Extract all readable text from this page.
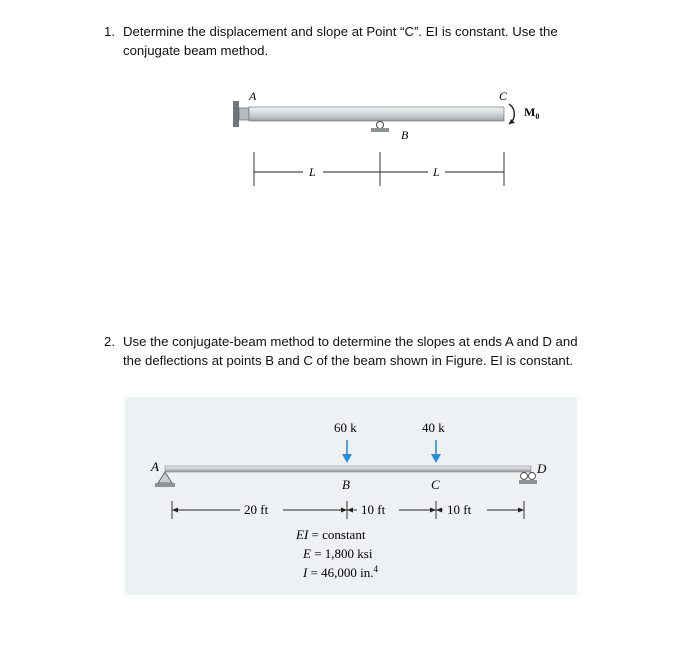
1. Determine the displacement and slope at Point “C”. EI is constant. Use the
conjugate beam method.
A
B
C
$M_0$
L	L
2. Use the conjugate-beam method to determine the slopes at ends A and D and
the deflections at points B and C of the beam shown in Figure. EI is constant.
60 k	40 k
A
B	C
D
20 ft	10 ft	10 ft
EI = constant
E = 1,800 ksi
I = 46,000 in.$^4$
